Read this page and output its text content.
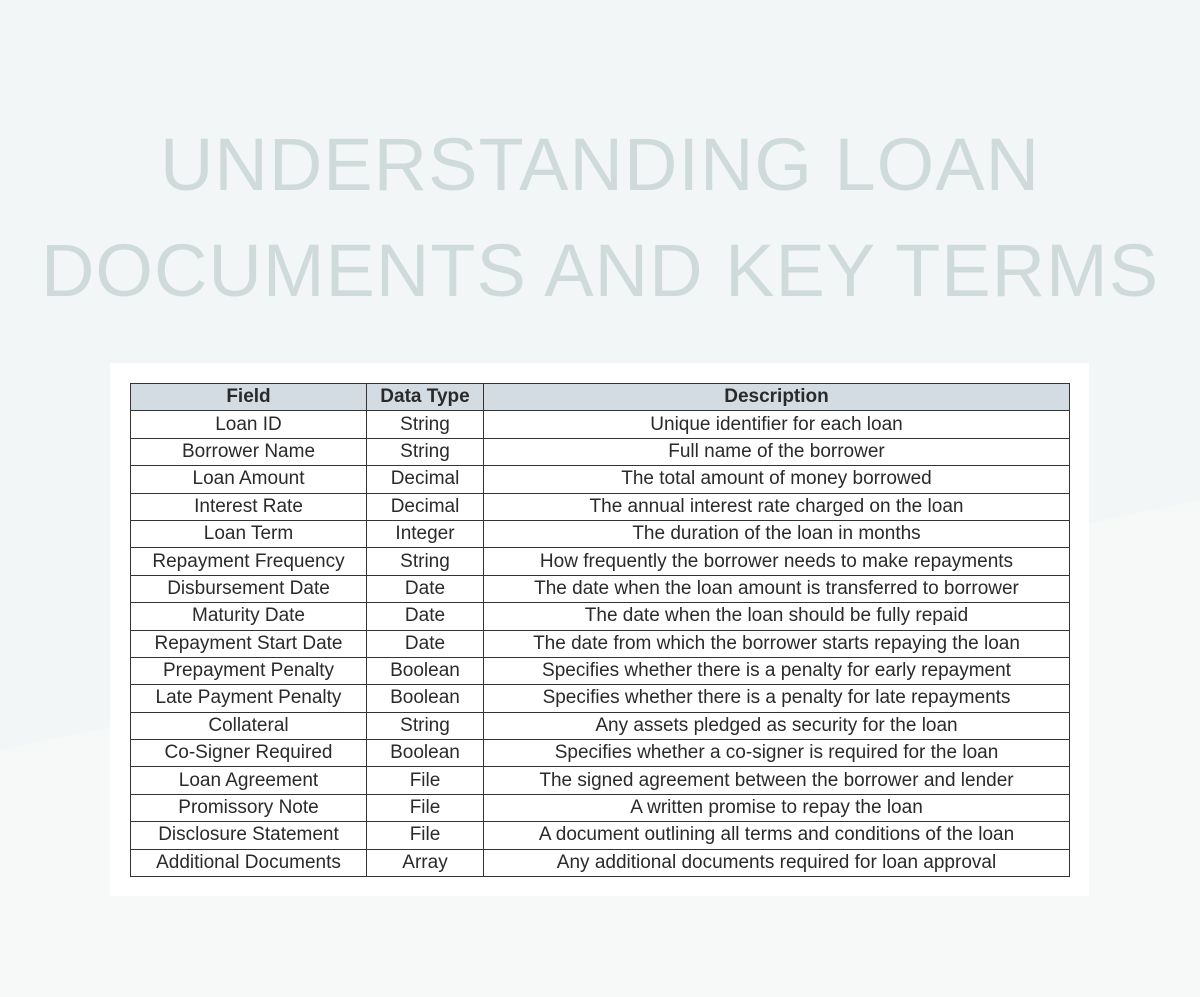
UNDERSTANDING LOAN
DOCUMENTS AND KEY TERMS
Field	Data Type	Description
Loan ID	String	Unique identifier for each loan
Borrower Name	String	Full name of the borrower
Loan Amount	Decimal	The total amount of money borrowed
Interest Rate	Decimal	The annual interest rate charged on the loan
Loan Term	Integer	The duration of the loan in months
Repayment Frequency	String	How frequently the borrower needs to make repayments
Disbursement Date	Date	The date when the loan amount is transferred to borrower
Maturity Date	Date	The date when the loan should be fully repaid
Repayment Start Date	Date	The date from which the borrower starts repaying the loan
Prepayment Penalty	Boolean	Specifies whether there is a penalty for early repayment
Late Payment Penalty	Boolean	Specifies whether there is a penalty for late repayments
Collateral	String	Any assets pledged as security for the loan
Co-Signer Required	Boolean	Specifies whether a co-signer is required for the loan
Loan Agreement	File	The signed agreement between the borrower and lender
Promissory Note	File	A written promise to repay the loan
Disclosure Statement	File	A document outlining all terms and conditions of the loan
Additional Documents	Array	Any additional documents required for loan approval
